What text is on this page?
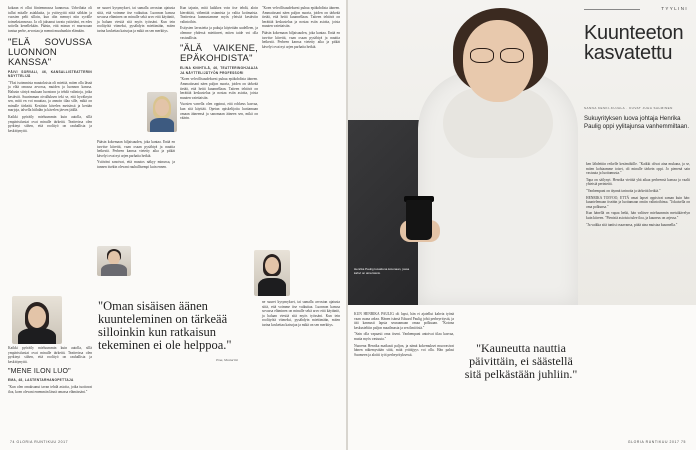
kokaan ei ollut fiiniemmassa kunnossa. Urheilutta oli tullut mitalle asiakkaita, ja ystävyyttä niitä sähkön ja vuosien pelit silloin, kun olin mennyt niin syvälle toimeksiannossa. Ja oli jaksanut tavata ystäviäni, en edes soitella kenellekään. Pääsin, että minun ei murrsoaan tuntua perhe, arvostaa ja mennä muuhunkin elämään.

"ELÄ SOVUSSA LUONNON KANSSA"
PÄIVI SORVALI, 46, KANSALLISTEATTERIN NÄYTTELIJÄ

"Yksi isoimmista muutoksista oli miettiä, miten olla läsnä ja elää omassa arvossa, muiden ja luonnon kanssa. Halusin siirtyä mukaan luontoon ja tehdä valintoja, jotka kestävät. Suurimman oivalluksen teki se, että hyväksyin sen, mitä en voi muuttaa, ja annoin tilaa sille, mikä on minulle tärkeää. Kesäisin kävelen metsässä ja kerään marjoja, talvella hiihdän ja kävelen järven jäällä.

Kaikki pyöräily mieluummin kuin autolla, sillä ympäristöasiat ovat minulle tärkeitä. Teatterissa olen pyrkinyt siihen, että roolityö on rauhallista ja keskittynyttä.

Kaikki pyöräily mieluummin kuin autolla, sillä ympäristöasiat ovat minulle tärkeitä. Teatterissa olen pyrkinyt siihen, että roolityö on rauhallista ja keskittynyttä.

"MENE ILON LUO"
EMA, 48, LASTENTARHANOPETTAJA

"Kun olen omaksunut tavan tehdä asioita, jotka tuottavat iloa, koen olevani enemmän läsnä omassa elämässäni."

ne suuret kysymykset, tai samalla arvostan ajatusta siitä, että voimme itse vaikuttaa. Luonnon kanssa sovussa eläminen on minulle sekä arvo että käytäntö, ja haluan viestiä sitä myös työssäni. Kun tein roolityötä viimeksi, pysähdyin miettimään, miten tarina koskettaa katsojaa ja mikä on sen merkitys.

Pääsin kokemaan hiljaisuuden, joka kantaa. Enää en tarvitse kiirettä, vaan osaan pysähtyä ja nauttia hetkestä. Perheen kanssa vietetty aika ja pitkät kävelyt ovat nyt arjen parhaita hetkiä.

Ystäväni sanoivat, että muutos näkyy minussa, ja tunnen itsekin olevani rauhallisempi kuin ennen.

"Oman sisäisen äänen kuunteleminen on tärkeää silloinkin kun ratkaisun tekeminen ei ole helppoa."
Ema, Mostaritsi

Kun tajusin, mitä kaikkea voin itse tehdä, aloin kierrättää, vähentää ostamista ja valita kotimaista. Teatterissa kannustamme myös yleisöä kestäviin valintoihin.

Esitysten lavasteita ja pukuja käytetään uudelleen, ja olemme yhdessä miettineet, miten taide voi olla vastuullista.

"ÄLÄ VAIKENE, EPÄKOHDISTA"
ELINA KNIHTILÄ, 46, TEATTERINOHJAAJA JA NÄYTTELIJÄTYÖN PROFESSORI

"Koen velvollisuudekseni puhua epäkohdista ääneen. Ammatissani näen paljon nuoria, joiden on tärkeää tietää, että heitä kuunnellaan. Taiteen tehtävä on herättää keskustelua ja nostaa esiin asioita, joista muuten vaiettaisiin.

Vuosien varrella olen oppinut, että rohkeus kasvaa, kun sitä käyttää. Opetan opiskelijoita luottamaan omaan ääneensä ja sanomaan ääneen sen, mikä on väärin.

"Koen velvollisuudekseni puhua epäkohdista ääneen. Ammatissani näen paljon nuoria, joiden on tärkeää tietää, että heitä kuunnellaan. Taiteen tehtävä on herättää keskustelua ja nostaa esiin asioita, joista muuten vaiettaisiin.

Pääsin kokemaan hiljaisuuden, joka kantaa. Enää en tarvitse kiirettä, vaan osaan pysähtyä ja nauttia hetkestä. Perheen kanssa vietetty aika ja pitkät kävelyt ovat nyt arjen parhaita hetkiä.

ne suuret kysymykset, tai samalla arvostan ajatusta siitä, että voimme itse vaikuttaa. Luonnon kanssa sovussa eläminen on minulle sekä arvo että käytäntö, ja haluan viestiä sitä myös työssäni. Kun tein roolityötä viimeksi, pysähdyin miettimään, miten tarina koskettaa katsojaa ja mikä on sen merkitys.

74 GLORIA RUNTIKUU 2017
Henrika Paulig kuvattuna kotonaan, jossa kahvi on aina läsnä.
TYYLINI
Kuunteeton kasvatettu
SANNA KESKI-KUJALA · KUVAT JUHA SALMINEN
Sukuyrityksen luova johtaja Henrika Paulig oppi yylitajunsa vanhemmiltaan.

KUN HENRIKA PAULIG oli lapsi, hän ei ajatellut kahvia työnä vaan osana arkea. Hänen isänsä Eduard Paulig johti perheyritystä, ja äiti kannusti lapsia seuraamaan omaa polkuaan. "Kotona keskusteltiin paljon maailmasta ja sen ilmiöistä."

"Sain olla vapaasti oma itseni. Vanhempani antoivat tilaa kasvaa, mutta myös vastuuta."

Nuorena Henrika matkusti paljon, ja nämä kokemukset muovasivat hänen näkemystään siitä, mitä yrittäjyys voi olla. Hän palasi Suomeen ja aloitti työt perheyrityksessä.	"Kauneutta nauttia päivittäin, ei säästellä sitä pelkästään juhliin."

ken lähdettiin retkelle kesämökille. "Kaikki olivat aina mukana, ja se, miten kohtaamme toiset, oli minulle tärkein oppi. Jo pienenä sain vastuuta ja luottamusta."

Tapa on säilynyt. Henrika viettää yhä aikaa perheensä kanssa ja vaalii yhteisiä perinteitä.

"Vanhempani on täynnä tarinoita ja tärkeitä hetkiä."

HENRIKA TOIVOO, ETTÄ omat lapset oppisivat saman kuin hän: kuuntelemaan itseään ja luottamaan omiin valintoihinsa. "Jokaisella on oma polkunsa."

Kun hänellä on vapaa hetki, hän valitsee mieluummin metsäkävelyn kuin kiireen. "Pienistä asioista tulee iloa, ja kauneus on arjessa."

"Ja vaikka sitä tuntisi osaavansa, pitää aina muistaa kuunnella."

GLORIA RUNTIKUU 2017 75
